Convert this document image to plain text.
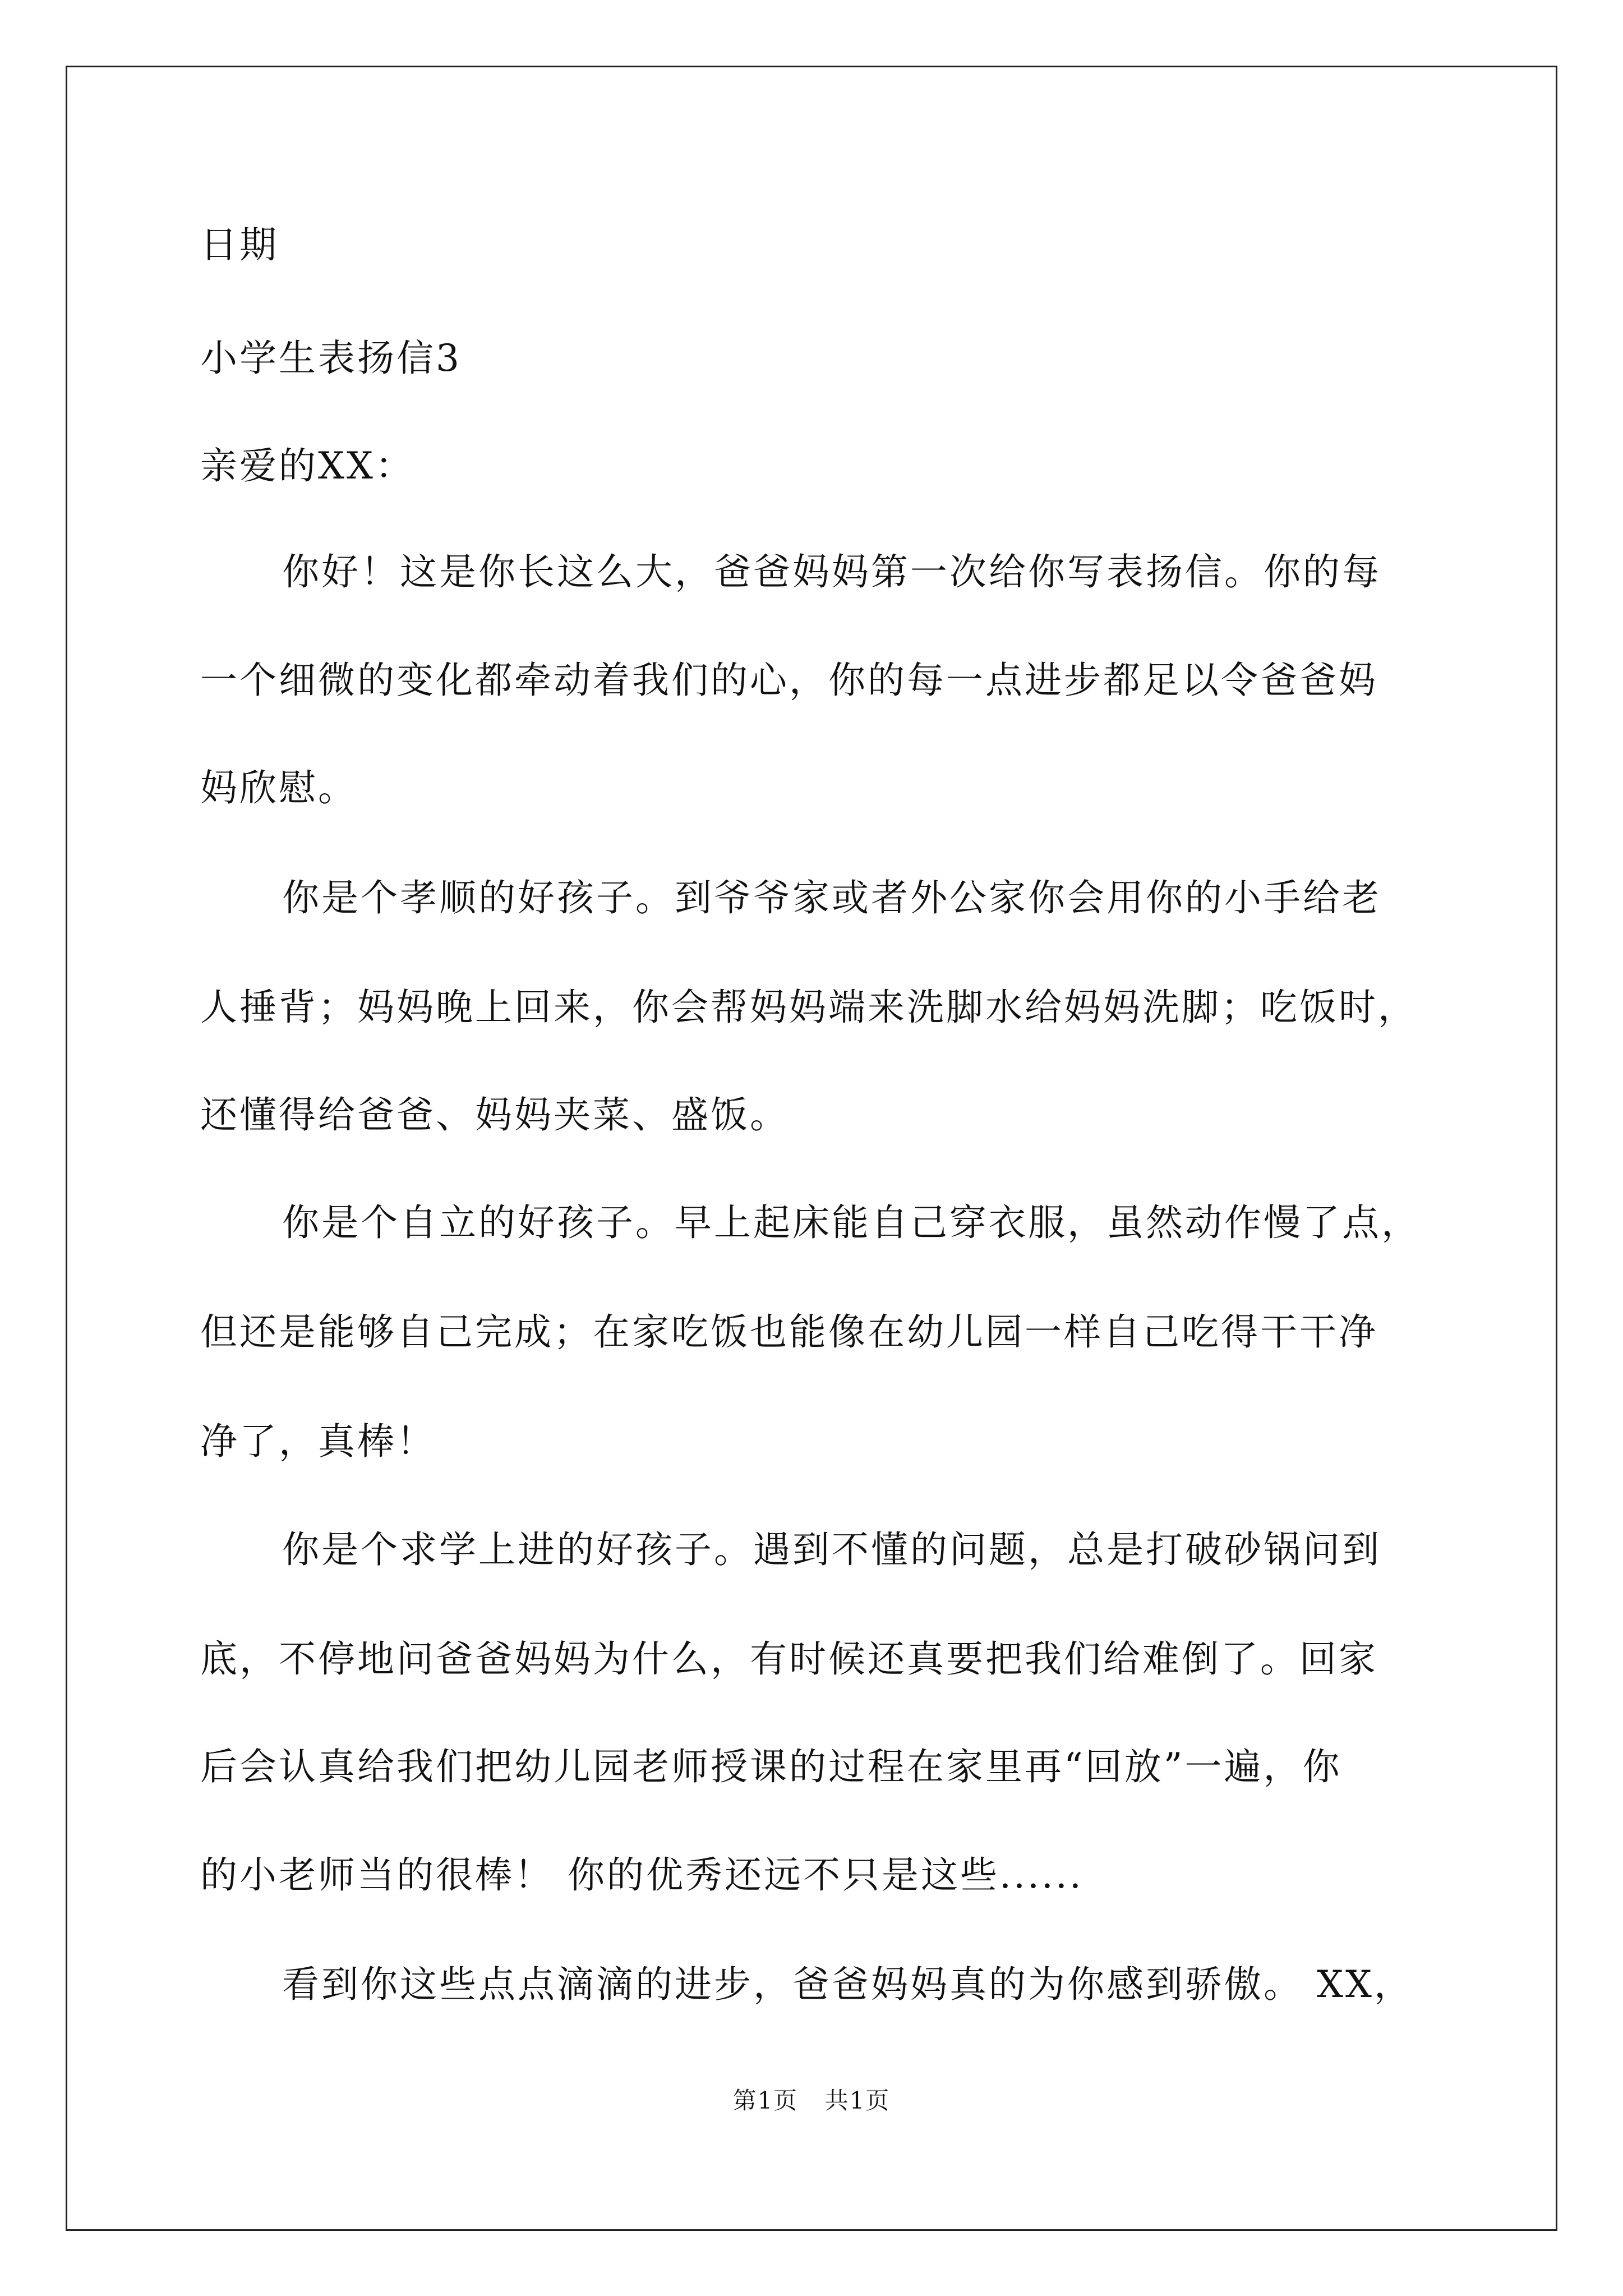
日期
小学生表扬信3
亲爱的XX：
你好！这是你长这么大，爸爸妈妈第一次给你写表扬信。你的每
一个细微的变化都牵动着我们的心，你的每一点进步都足以令爸爸妈
妈欣慰。
你是个孝顺的好孩子。到爷爷家或者外公家你会用你的小手给老
人捶背；妈妈晚上回来，你会帮妈妈端来洗脚水给妈妈洗脚；吃饭时，
还懂得给爸爸、妈妈夹菜、盛饭。
你是个自立的好孩子。早上起床能自己穿衣服，虽然动作慢了点，
但还是能够自己完成；在家吃饭也能像在幼儿园一样自己吃得干干净
净了，真棒！
你是个求学上进的好孩子。遇到不懂的问题，总是打破砂锅问到
底，不停地问爸爸妈妈为什么，有时候还真要把我们给难倒了。回家
后会认真给我们把幼儿园老师授课的过程在家里再“回放”一遍，你
的小老师当的很棒！ 你的优秀还远不只是这些......
看到你这些点点滴滴的进步，爸爸妈妈真的为你感到骄傲。 XX，
第1页 共1页
